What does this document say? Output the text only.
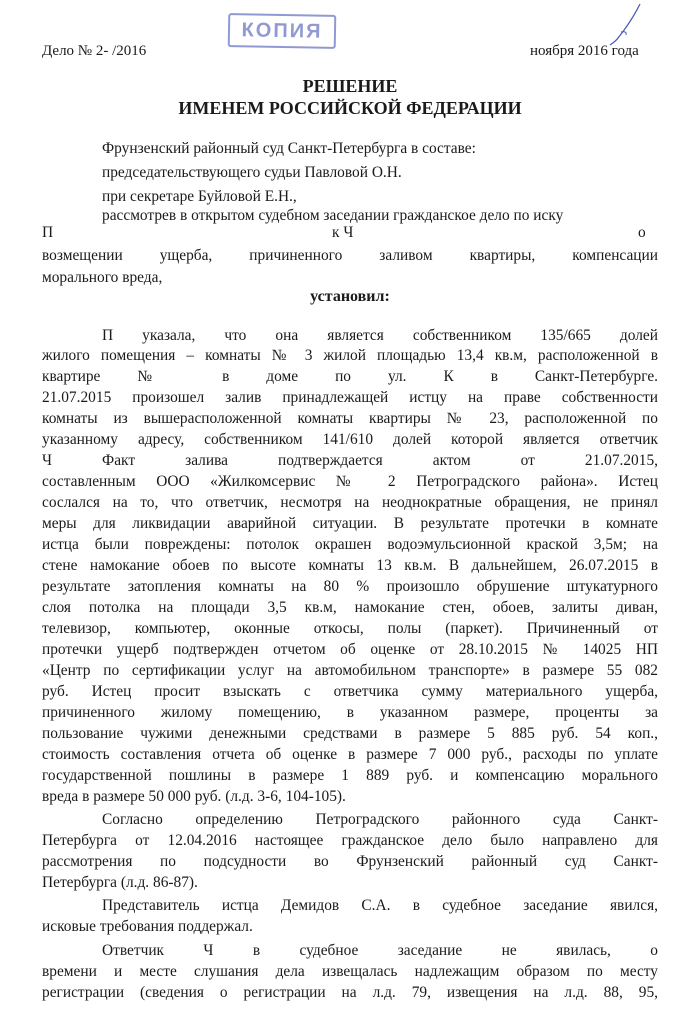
Дело № 2- /2016
КОПИЯ
ноября 2016 года
РЕШЕНИЕ
ИМЕНЕМ РОССИЙСКОЙ ФЕДЕРАЦИИ
Фрунзенский районный суд Санкт-Петербурга в составе:
председательствующего судьи Павловой О.Н.
при секретаре Буйловой Е.Н.,
рассмотрев в открытом судебном заседании гражданское дело по иску
П	к Ч	о
возмещении ущерба, причиненного заливом квартиры, компенсации
морального вреда,
установил:
П указала, что она является собственником 135/665 долей
жилого помещения – комнаты № 3 жилой площадью 13,4 кв.м, расположенной в
квартире № в доме по ул. К в Санкт-Петербурге.
21.07.2015 произошел залив принадлежащей истцу на праве собственности
комнаты из вышерасположенной комнаты квартиры № 23, расположенной по
указанному адресу, собственником 141/610 долей которой является ответчик
Ч Факт залива подтверждается актом от 21.07.2015,
составленным ООО «Жилкомсервис № 2 Петроградского района». Истец
сослался на то, что ответчик, несмотря на неоднократные обращения, не принял
меры для ликвидации аварийной ситуации. В результате протечки в комнате
истца были повреждены: потолок окрашен водоэмульсионной краской 3,5м; на
стене намокание обоев по высоте комнаты 13 кв.м. В дальнейшем, 26.07.2015 в
результате затопления комнаты на 80 % произошло обрушение штукатурного
слоя потолка на площади 3,5 кв.м, намокание стен, обоев, залиты диван,
телевизор, компьютер, оконные откосы, полы (паркет). Причиненный от
протечки ущерб подтвержден отчетом об оценке от 28.10.2015 № 14025 НП
«Центр по сертификации услуг на автомобильном транспорте» в размере 55 082
руб. Истец просит взыскать с ответчика сумму материального ущерба,
причиненного жилому помещению, в указанном размере, проценты за
пользование чужими денежными средствами в размере 5 885 руб. 54 коп.,
стоимость составления отчета об оценке в размере 7 000 руб., расходы по уплате
государственной пошлины в размере 1 889 руб. и компенсацию морального
вреда в размере 50 000 руб. (л.д. 3-6, 104-105).
Согласно определению Петроградского районного суда Санкт-
Петербурга от 12.04.2016 настоящее гражданское дело было направлено для
рассмотрения по подсудности во Фрунзенский районный суд Санкт-
Петербурга (л.д. 86-87).
Представитель истца Демидов С.А. в судебное заседание явился,
исковые требования поддержал.
Ответчик Ч в судебное заседание не явилась, о
времени и месте слушания дела извещалась надлежащим образом по месту
регистрации (сведения о регистрации на л.д. 79, извещения на л.д. 88, 95,
